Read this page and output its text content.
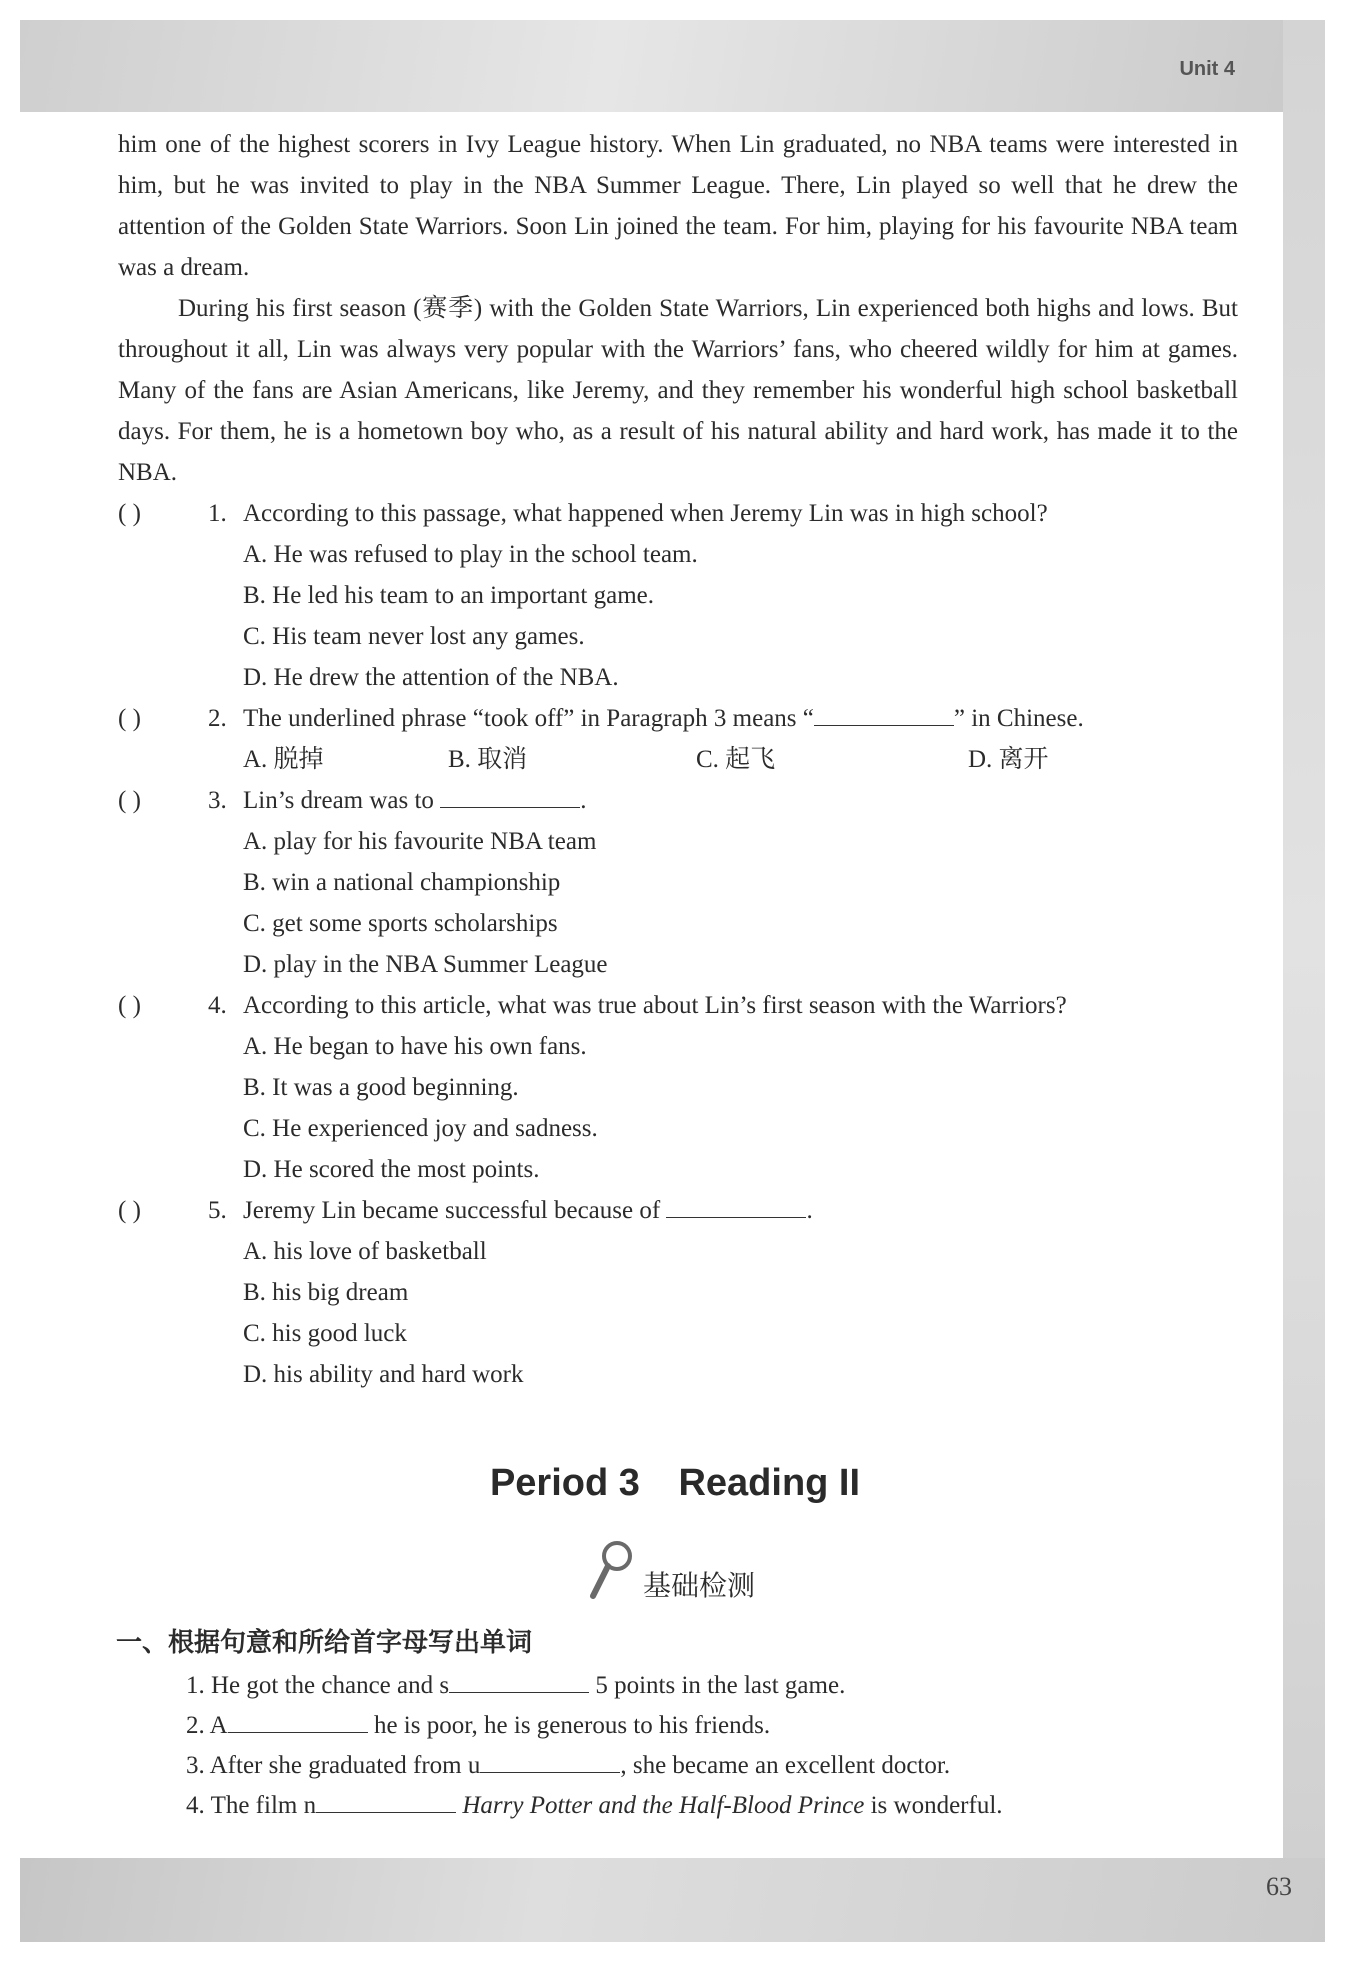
Unit 4

him one of the highest scorers in Ivy League history. When Lin graduated, no NBA teams were interested in him, but he was invited to play in the NBA Summer League. There, Lin played so well that he drew the attention of the Golden State Warriors. Soon Lin joined the team. For him, playing for his favourite NBA team was a dream.

During his first season (赛季) with the Golden State Warriors, Lin experienced both highs and lows. But throughout it all, Lin was always very popular with the Warriors’ fans, who cheered wildly for him at games. Many of the fans are Asian Americans, like Jeremy, and they remember his wonderful high school basketball days. For them, he is a hometown boy who, as a result of his natural ability and hard work, has made it to the NBA.

( )	1. According to this passage, what happened when Jeremy Lin was in high school?
A. He was refused to play in the school team.
B. He led his team to an important game.
C. His team never lost any games.
D. He drew the attention of the NBA.
( )	2. The underlined phrase “took off” in Paragraph 3 means “	” in Chinese.
A. 脱掉	B. 取消	C. 起飞	D. 离开
( )	3. Lin’s dream was to	.
A. play for his favourite NBA team
B. win a national championship
C. get some sports scholarships
D. play in the NBA Summer League
( )	4. According to this article, what was true about Lin’s first season with the Warriors?
A. He began to have his own fans.
B. It was a good beginning.
C. He experienced joy and sadness.
D. He scored the most points.
( )	5. Jeremy Lin became successful because of	.
A. his love of basketball
B. his big dream
C. his good luck
D. his ability and hard work
Period 3 Reading II
基础检测
一、根据句意和所给首字母写出单词
1. He got the chance and s	5 points in the last game.
2. A	he is poor, he is generous to his friends.
3. After she graduated from u	, she became an excellent doctor.
4. The film n	Harry Potter and the Half-Blood Prince is wonderful.
63
